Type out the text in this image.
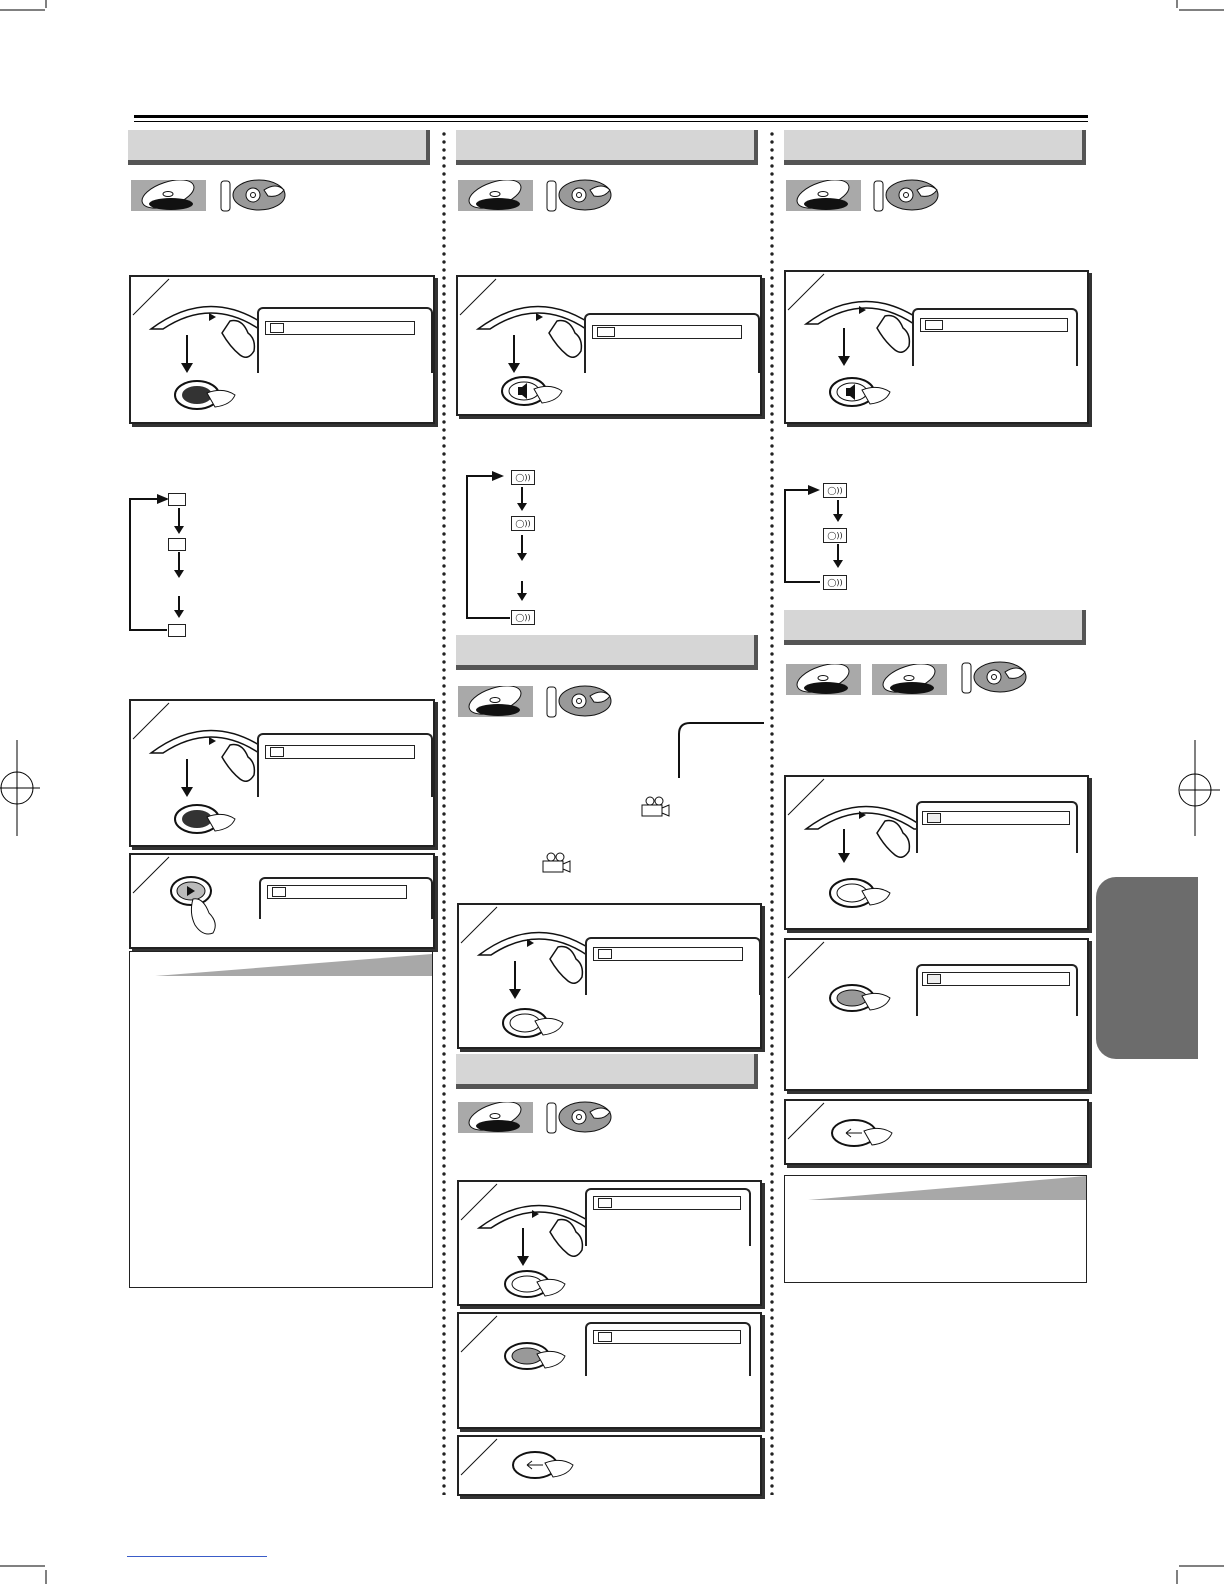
◯))
◯))
◯))
◯))
◯))
◯))
